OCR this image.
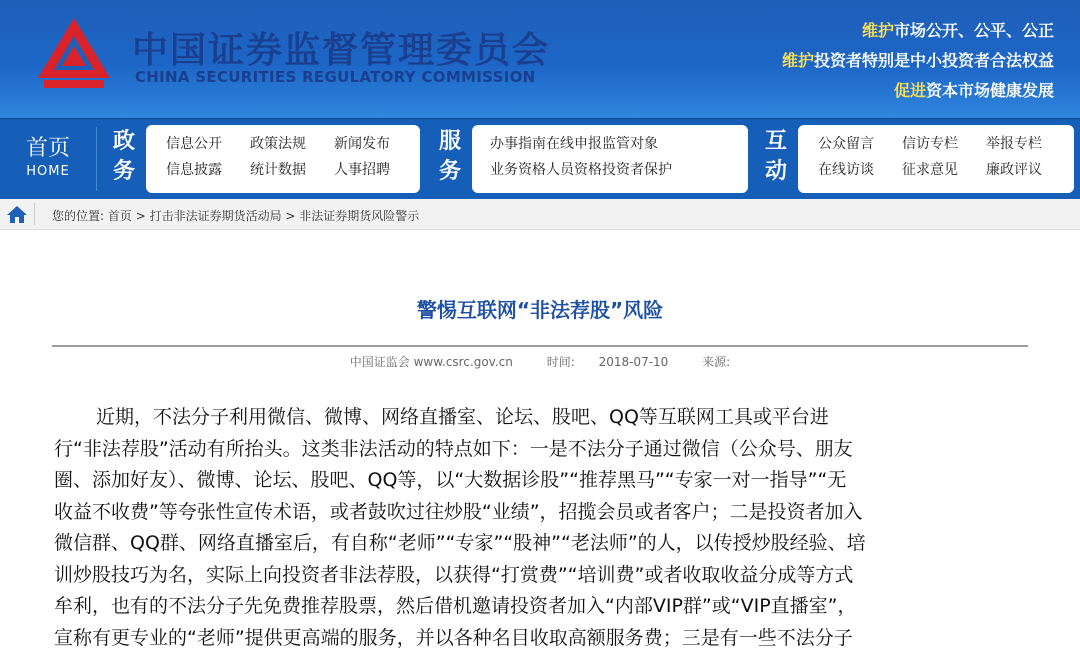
中国证券监督管理委员会
CHINA SECURITIES REGULATORY COMMISSION
维护市场公开、公平、公正
维护投资者特别是中小投资者合法权益
促进资本市场健康发展
首页
HOME
政
务
信息公开 政策法规 新闻发布
信息披露 统计数据 人事招聘
服
务
办事指南在线申报监管对象
业务资格人员资格投资者保护
互
动
公众留言 信访专栏 举报专栏
在线访谈 征求意见 廉政评议
您的位置: 首页 > 打击非法证券期货活动局 > 非法证券期货风险警示
警惕互联网“非法荐股”风险
中国证监会 www.csrc.gov.cn	时间: 2018-07-10	来源:
近期，不法分子利用微信、微博、网络直播室、论坛、股吧、QQ等互联网工具或平台进
行“非法荐股”活动有所抬头。这类非法活动的特点如下：一是不法分子通过微信（公众号、朋友
圈、添加好友）、微博、论坛、股吧、QQ等，以“大数据诊股”“推荐黑马”“专家一对一指导”“无
收益不收费”等夸张性宣传术语，或者鼓吹过往炒股“业绩”，招揽会员或者客户；二是投资者加入
微信群、QQ群、网络直播室后，有自称“老师”“专家”“股神”“老法师”的人，以传授炒股经验、培
训炒股技巧为名，实际上向投资者非法荐股，以获得“打赏费”“培训费”或者收取收益分成等方式
牟利，也有的不法分子先免费推荐股票，然后借机邀请投资者加入“内部VIP群”或“VIP直播室”，
宣称有更专业的“老师”提供更高端的服务，并以各种名目收取高额服务费；三是有一些不法分子
